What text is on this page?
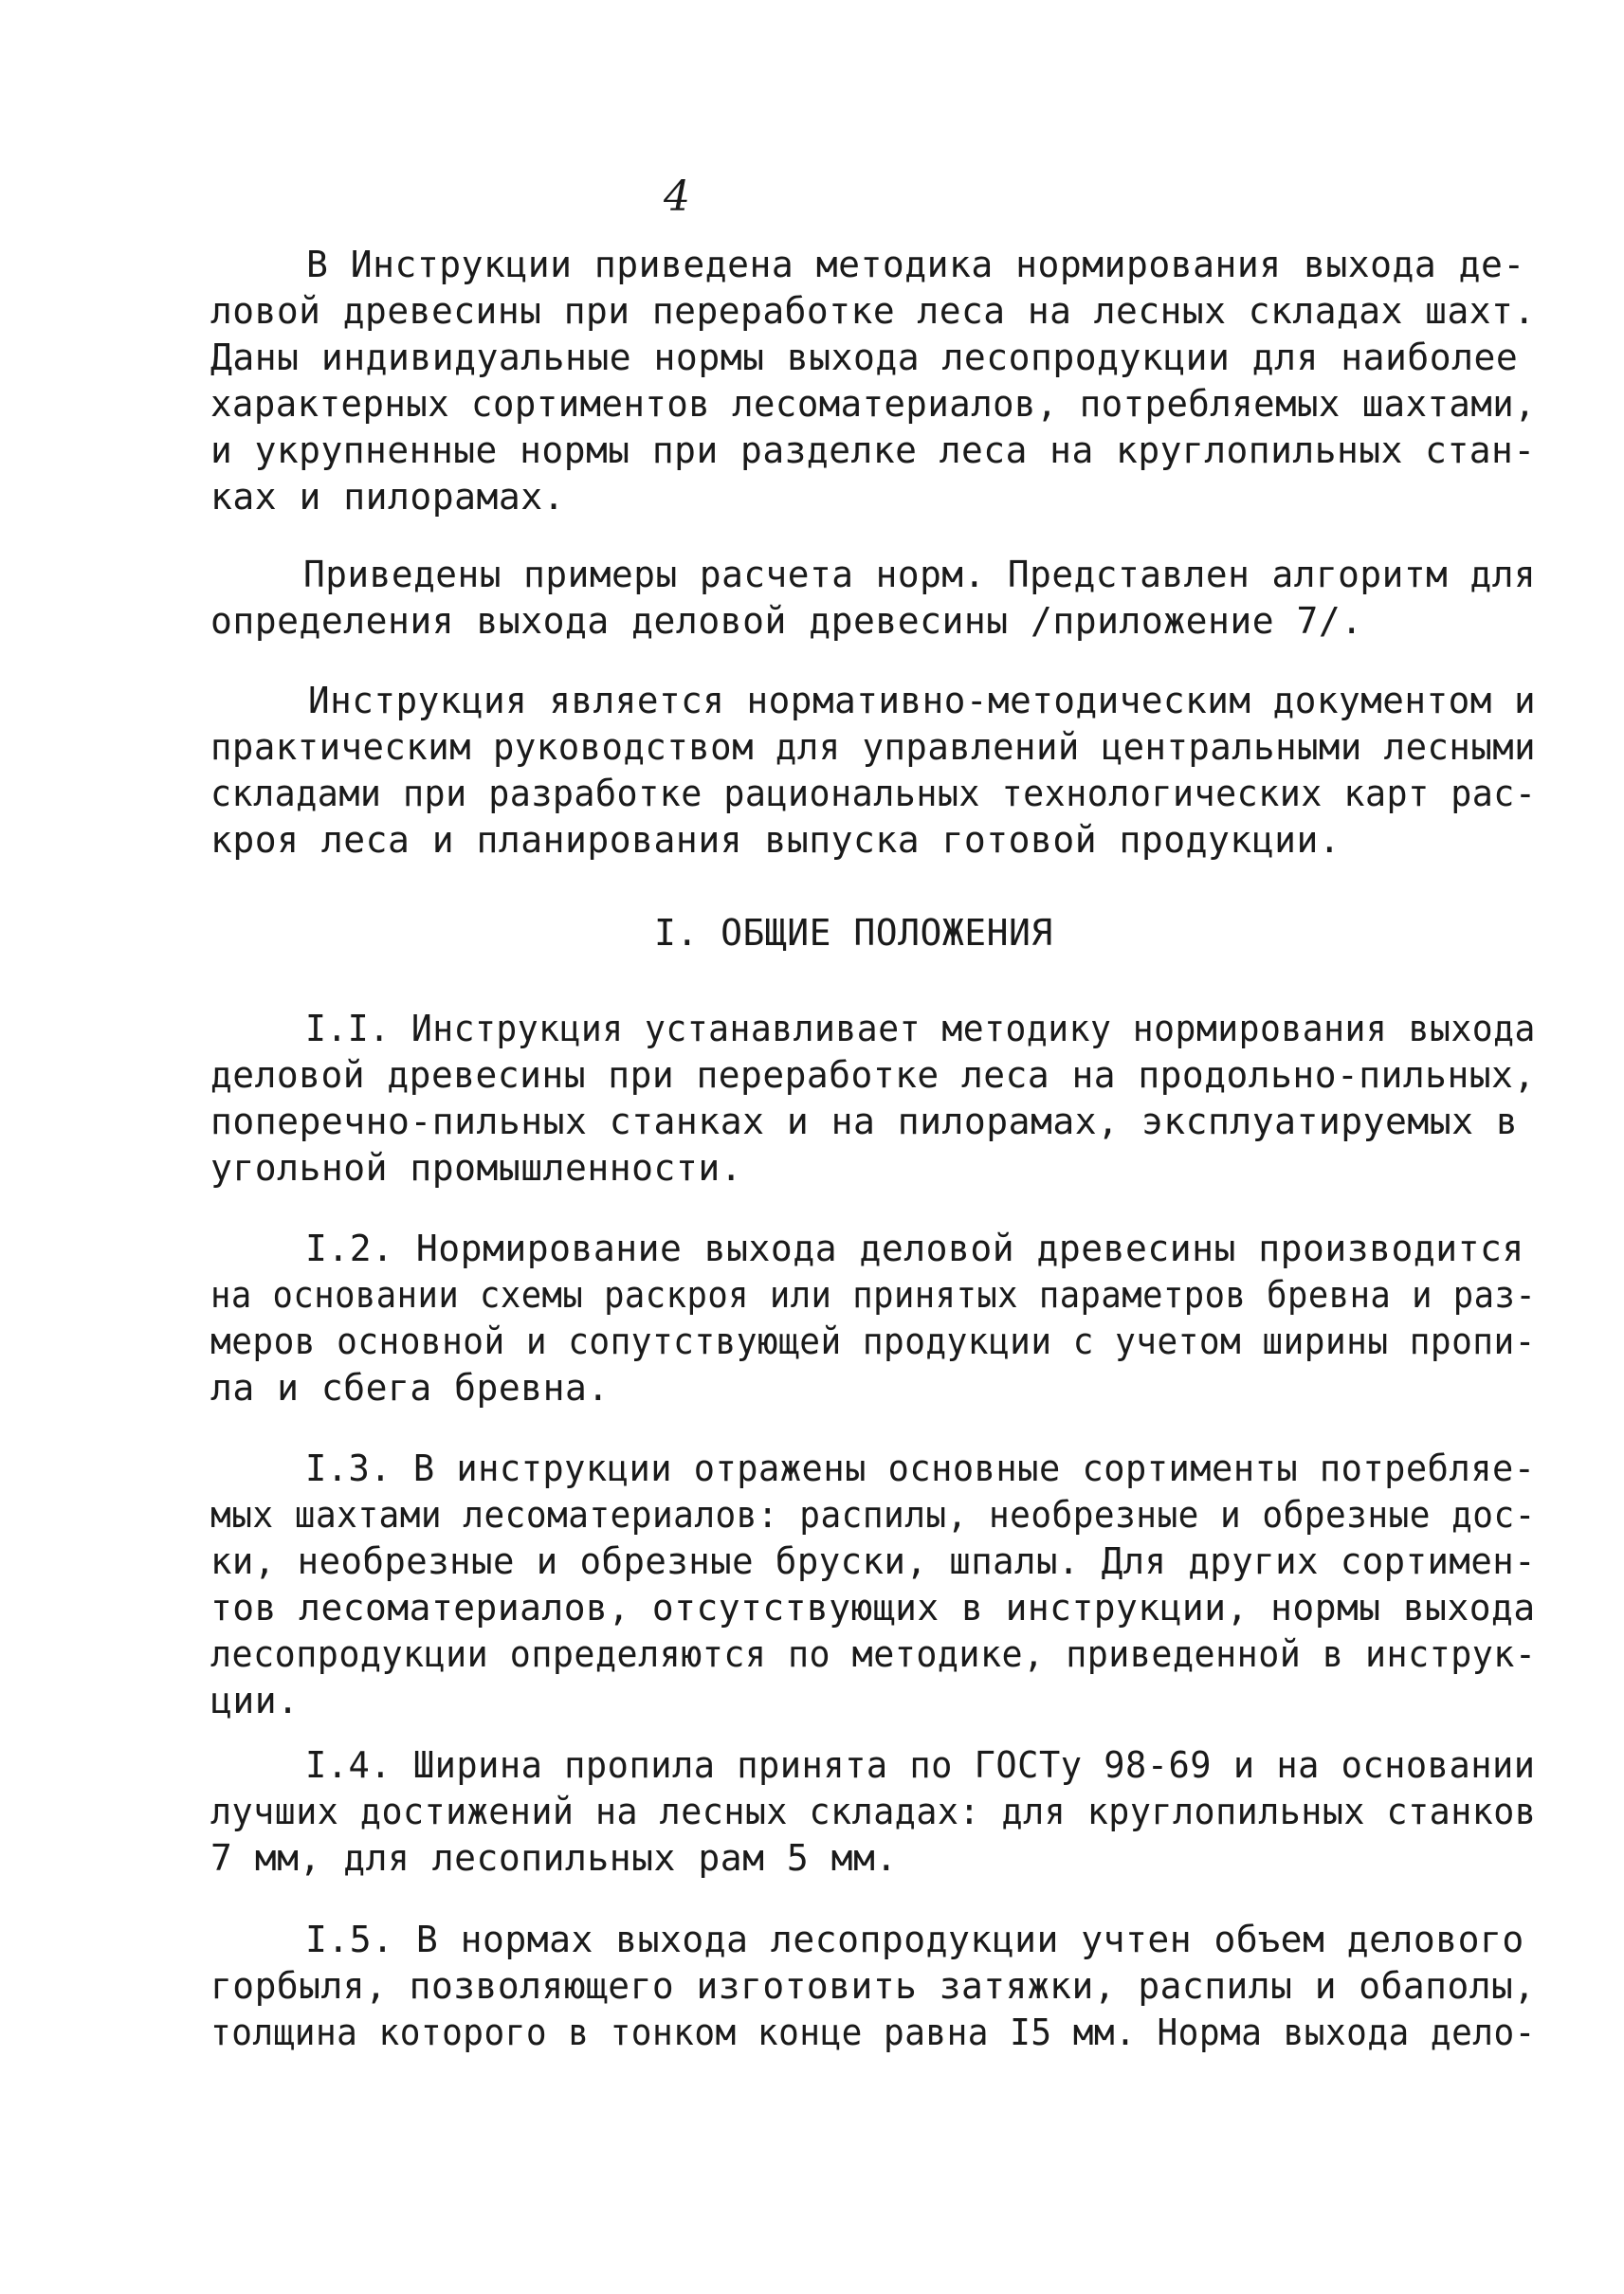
4
В Инструкции приведена методика нормирования выхода де-
ловой древесины при переработке леса на лесных складах шахт.
Даны индивидуальные нормы выхода лесопродукции для наиболее
характерных сортиментов лесоматериалов, потребляемых шахтами,
и укрупненные нормы при разделке леса на круглопильных стан-
ках и пилорамах.
Приведены примеры расчета норм. Представлен алгоритм для
определения выхода деловой древесины /приложение 7/.
Инструкция является нормативно-методическим документом и
практическим руководством для управлений центральными лесными
складами при разработке рациональных технологических карт рас-
кроя леса и планирования выпуска готовой продукции.
I. ОБЩИЕ ПОЛОЖЕНИЯ
I.I. Инструкция устанавливает методику нормирования выхода
деловой древесины при переработке леса на продольно-пильных,
поперечно-пильных станках и на пилорамах, эксплуатируемых в
угольной промышленности.
I.2. Нормирование выхода деловой древесины производится
на основании схемы раскроя или принятых параметров бревна и раз-
меров основной и сопутствующей продукции с учетом ширины пропи-
ла и сбега бревна.
I.3. В инструкции отражены основные сортименты потребляе-
мых шахтами лесоматериалов: распилы, необрезные и обрезные дос-
ки, необрезные и обрезные бруски, шпалы. Для других сортимен-
тов лесоматериалов, отсутствующих в инструкции, нормы выхода
лесопродукции определяются по методике, приведенной в инструк-
ции.
I.4. Ширина пропила принята по ГОСТу 98-69 и на основании
лучших достижений на лесных складах: для круглопильных станков
7 мм, для лесопильных рам 5 мм.
I.5. В нормах выхода лесопродукции учтен объем делового
горбыля, позволяющего изготовить затяжки, распилы и обаполы,
толщина которого в тонком конце равна I5 мм. Норма выхода дело-
